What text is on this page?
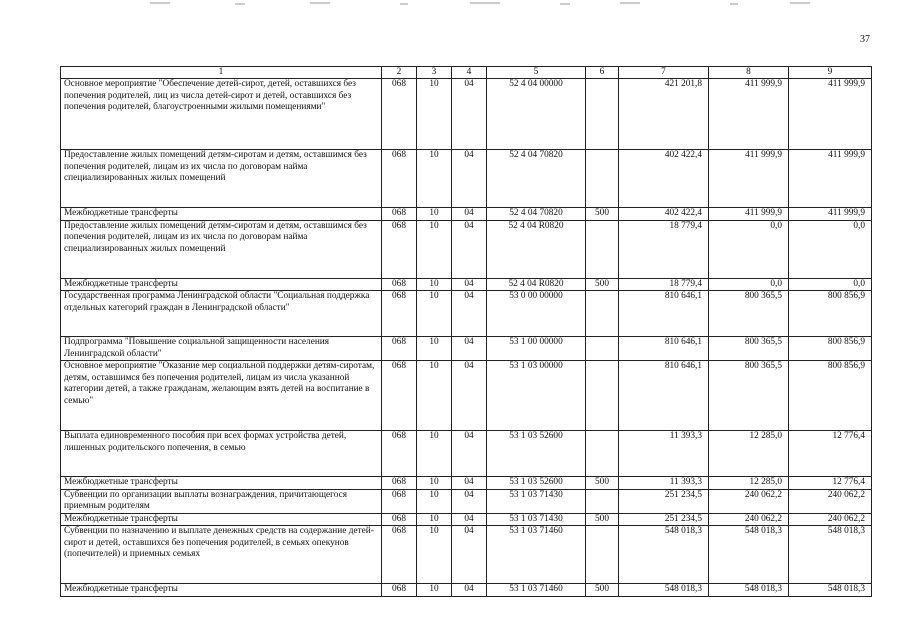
37
1	2	3	4	5	6	7	8	9
Основное мероприятие "Обеспечение детей-сирот, детей, оставшихся без попечения родителей, лиц из числа детей-сирот и детей, оставшихся без попечения родителей, благоустроенными жилыми помещениями"	068	10	04	52 4 04 00000		421 201,8	411 999,9	411 999,9
Предоставление жилых помещений детям-сиротам и детям, оставшимся без попечения родителей, лицам из их числа по договорам найма специализированных жилых помещений	068	10	04	52 4 04 70820		402 422,4	411 999,9	411 999,9
Межбюджетные трансферты	068	10	04	52 4 04 70820	500	402 422,4	411 999,9	411 999,9
Предоставление жилых помещений детям-сиротам и детям, оставшимся без попечения родителей, лицам из их числа по договорам найма специализированных жилых помещений	068	10	04	52 4 04 R0820		18 779,4	0,0	0,0
Межбюджетные трансферты	068	10	04	52 4 04 R0820	500	18 779,4	0,0	0,0
Государственная программа Ленинградской области "Социальная поддержка отдельных категорий граждан в Ленинградской области"	068	10	04	53 0 00 00000		810 646,1	800 365,5	800 856,9
Подпрограмма "Повышение социальной защищенности населения Ленинградской области"	068	10	04	53 1 00 00000		810 646,1	800 365,5	800 856,9
Основное мероприятие "Оказание мер социальной поддержки детям-сиротам, детям, оставшимся без попечения родителей, лицам из числа указанной категории детей, а также гражданам, желающим взять детей на воспитание в семью"	068	10	04	53 1 03 00000		810 646,1	800 365,5	800 856,9
Выплата единовременного пособия при всех формах устройства детей, лишенных родительского попечения, в семью	068	10	04	53 1 03 52600		11 393,3	12 285,0	12 776,4
Межбюджетные трансферты	068	10	04	53 1 03 52600	500	11 393,3	12 285,0	12 776,4
Субвенции по организации выплаты вознаграждения, причитающегося приемным родителям	068	10	04	53 1 03 71430		251 234,5	240 062,2	240 062,2
Межбюджетные трансферты	068	10	04	53 1 03 71430	500	251 234,5	240 062,2	240 062,2
Субвенции по назначению и выплате денежных средств на содержание детей-сирот и детей, оставшихся без попечения родителей, в семьях опекунов (попечителей) и приемных семьях	068	10	04	53 1 03 71460		548 018,3	548 018,3	548 018,3
Межбюджетные трансферты	068	10	04	53 1 03 71460	500	548 018,3	548 018,3	548 018,3
